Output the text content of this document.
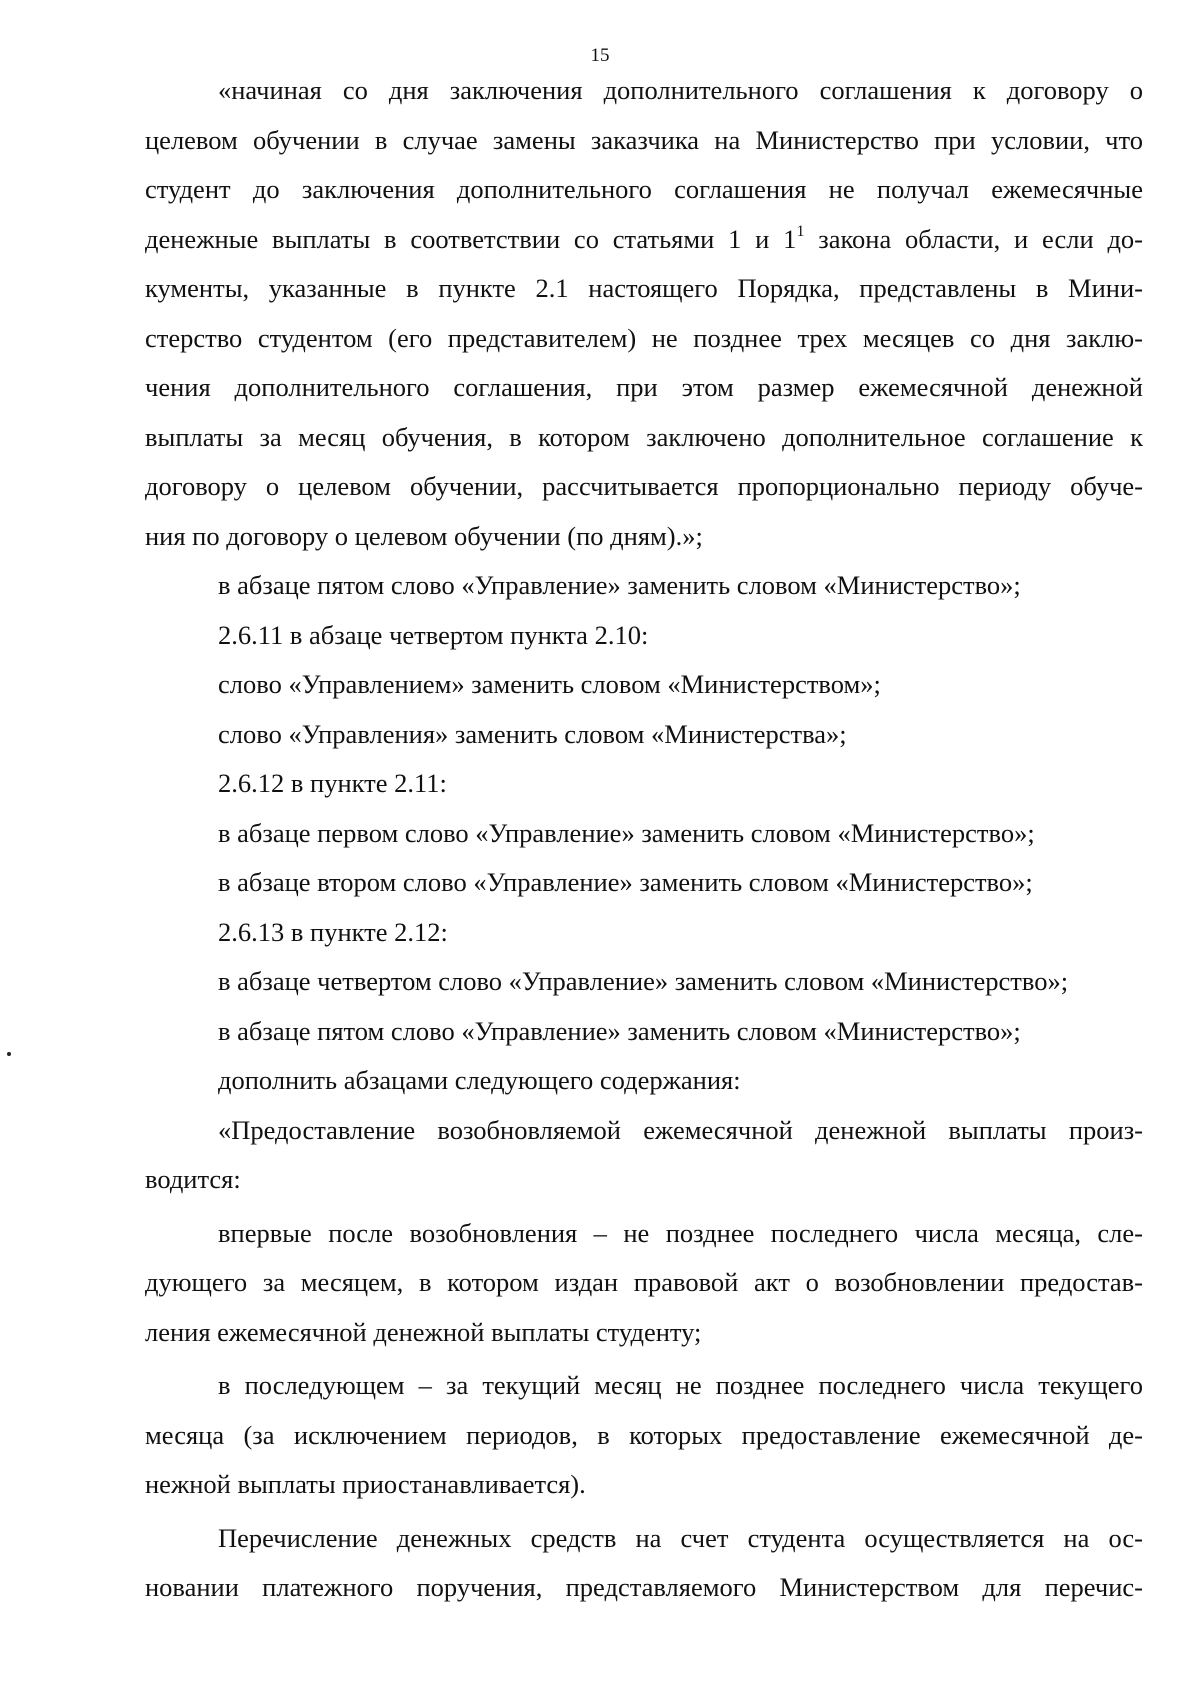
15

«начиная со дня заключения дополнительного соглашения к договору о

целевом обучении в случае замены заказчика на Министерство при условии, что

студент до заключения дополнительного соглашения не получал ежемесячные

денежные выплаты в соответствии со статьями 1 и $1^1$ закона области, и если до-

кументы, указанные в пункте 2.1 настоящего Порядка, представлены в Мини-

стерство студентом (его представителем) не позднее трех месяцев со дня заклю-

чения дополнительного соглашения, при этом размер ежемесячной денежной

выплаты за месяц обучения, в котором заключено дополнительное соглашение к

договору о целевом обучении, рассчитывается пропорционально периоду обуче-

ния по договору о целевом обучении (по дням).»;

в абзаце пятом слово «Управление» заменить словом «Министерство»;

2.6.11 в абзаце четвертом пункта 2.10:

слово «Управлением» заменить словом «Министерством»;

слово «Управления» заменить словом «Министерства»;

2.6.12 в пункте 2.11:

в абзаце первом слово «Управление» заменить словом «Министерство»;

в абзаце втором слово «Управление» заменить словом «Министерство»;

2.6.13 в пункте 2.12:

в абзаце четвертом слово «Управление» заменить словом «Министерство»;

в абзаце пятом слово «Управление» заменить словом «Министерство»;

дополнить абзацами следующего содержания:

«Предоставление возобновляемой ежемесячной денежной выплаты произ-

водится:

впервые после возобновления – не позднее последнего числа месяца, сле-

дующего за месяцем, в котором издан правовой акт о возобновлении предостав-

ления ежемесячной денежной выплаты студенту;

в последующем – за текущий месяц не позднее последнего числа текущего

месяца (за исключением периодов, в которых предоставление ежемесячной де-

нежной выплаты приостанавливается).

Перечисление денежных средств на счет студента осуществляется на ос-

новании платежного поручения, представляемого Министерством для перечис-
